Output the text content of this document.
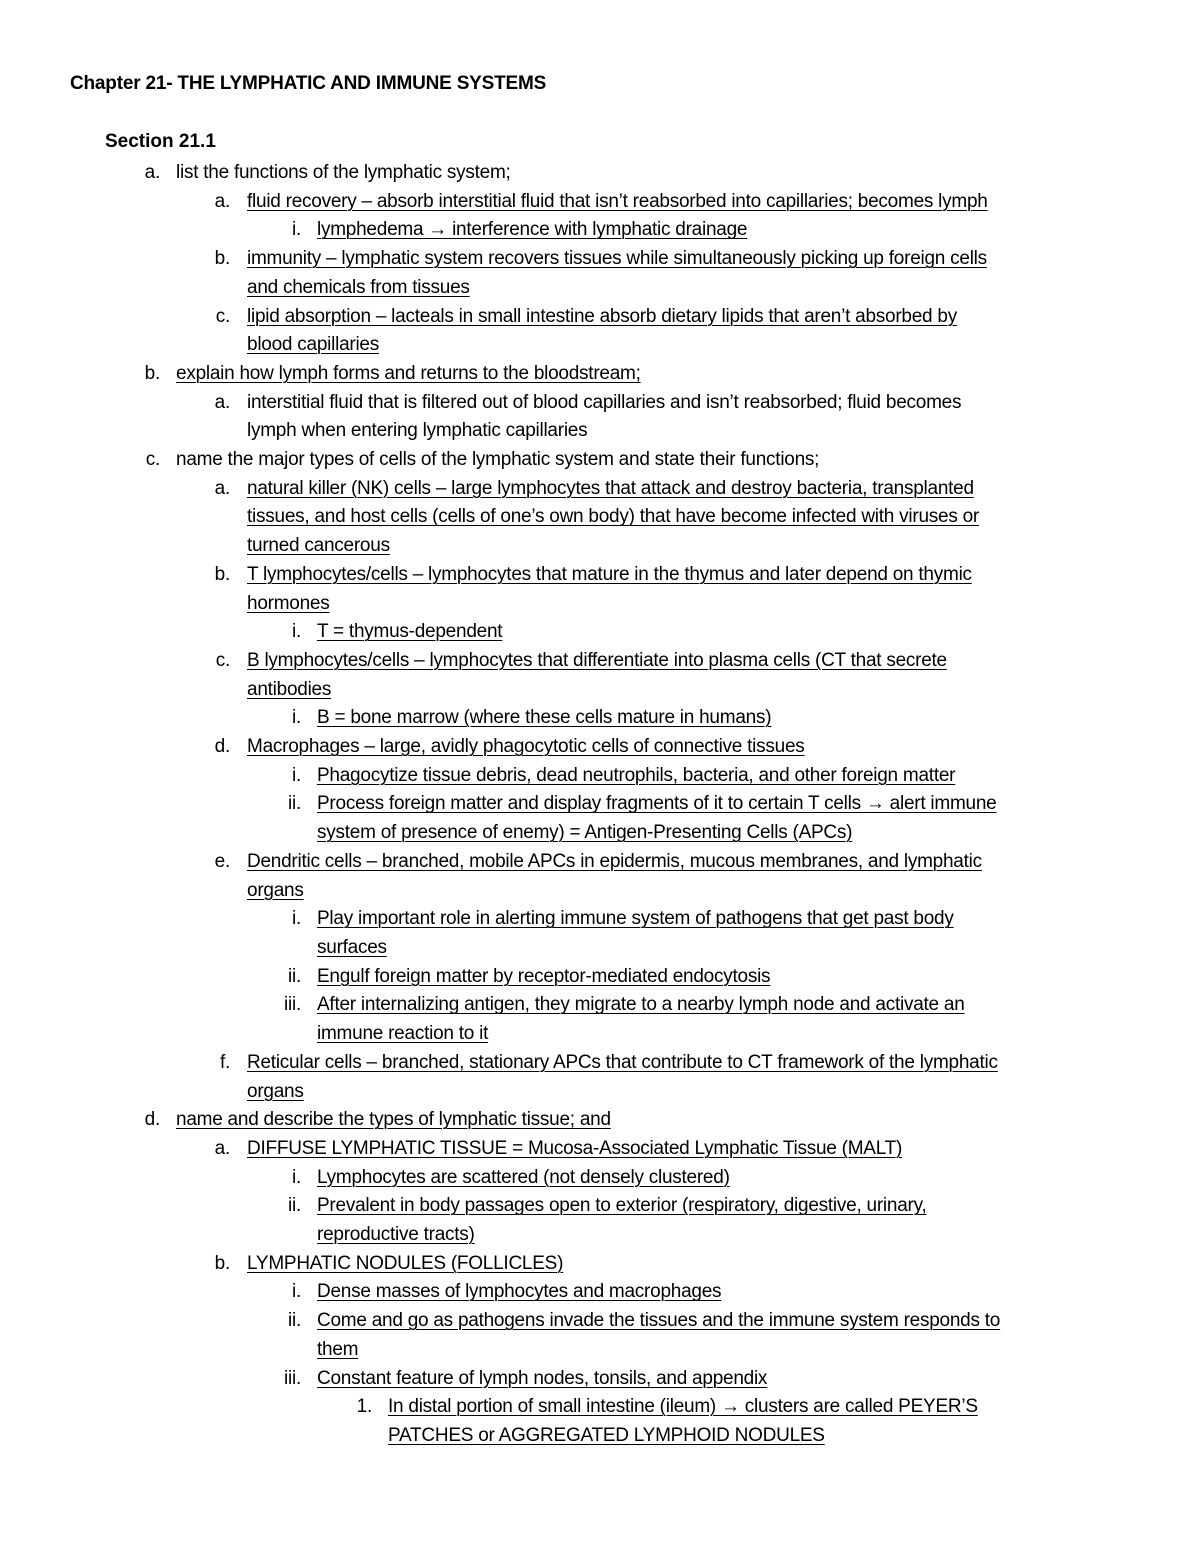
Chapter 21- THE LYMPHATIC AND IMMUNE SYSTEMS
Section 21.1
a. list the functions of the lymphatic system;
a. fluid recovery – absorb interstitial fluid that isn’t reabsorbed into capillaries; becomes lymph
i. lymphedema → interference with lymphatic drainage
b. immunity – lymphatic system recovers tissues while simultaneously picking up foreign cells
and chemicals from tissues
c. lipid absorption – lacteals in small intestine absorb dietary lipids that aren’t absorbed by
blood capillaries
b. explain how lymph forms and returns to the bloodstream;
a. interstitial fluid that is filtered out of blood capillaries and isn’t reabsorbed; fluid becomes
lymph when entering lymphatic capillaries
c. name the major types of cells of the lymphatic system and state their functions;
a. natural killer (NK) cells – large lymphocytes that attack and destroy bacteria, transplanted
tissues, and host cells (cells of one’s own body) that have become infected with viruses or
turned cancerous
b. T lymphocytes/cells – lymphocytes that mature in the thymus and later depend on thymic
hormones
i. T = thymus-dependent
c. B lymphocytes/cells – lymphocytes that differentiate into plasma cells (CT that secrete
antibodies
i. B = bone marrow (where these cells mature in humans)
d. Macrophages – large, avidly phagocytotic cells of connective tissues
i. Phagocytize tissue debris, dead neutrophils, bacteria, and other foreign matter
ii. Process foreign matter and display fragments of it to certain T cells → alert immune
system of presence of enemy) = Antigen-Presenting Cells (APCs)
e. Dendritic cells – branched, mobile APCs in epidermis, mucous membranes, and lymphatic
organs
i. Play important role in alerting immune system of pathogens that get past body
surfaces
ii. Engulf foreign matter by receptor-mediated endocytosis
iii. After internalizing antigen, they migrate to a nearby lymph node and activate an
immune reaction to it
f. Reticular cells – branched, stationary APCs that contribute to CT framework of the lymphatic
organs
d. name and describe the types of lymphatic tissue; and
a. DIFFUSE LYMPHATIC TISSUE = Mucosa-Associated Lymphatic Tissue (MALT)
i. Lymphocytes are scattered (not densely clustered)
ii. Prevalent in body passages open to exterior (respiratory, digestive, urinary,
reproductive tracts)
b. LYMPHATIC NODULES (FOLLICLES)
i. Dense masses of lymphocytes and macrophages
ii. Come and go as pathogens invade the tissues and the immune system responds to
them
iii. Constant feature of lymph nodes, tonsils, and appendix
1. In distal portion of small intestine (ileum) → clusters are called PEYER’S
PATCHES or AGGREGATED LYMPHOID NODULES
